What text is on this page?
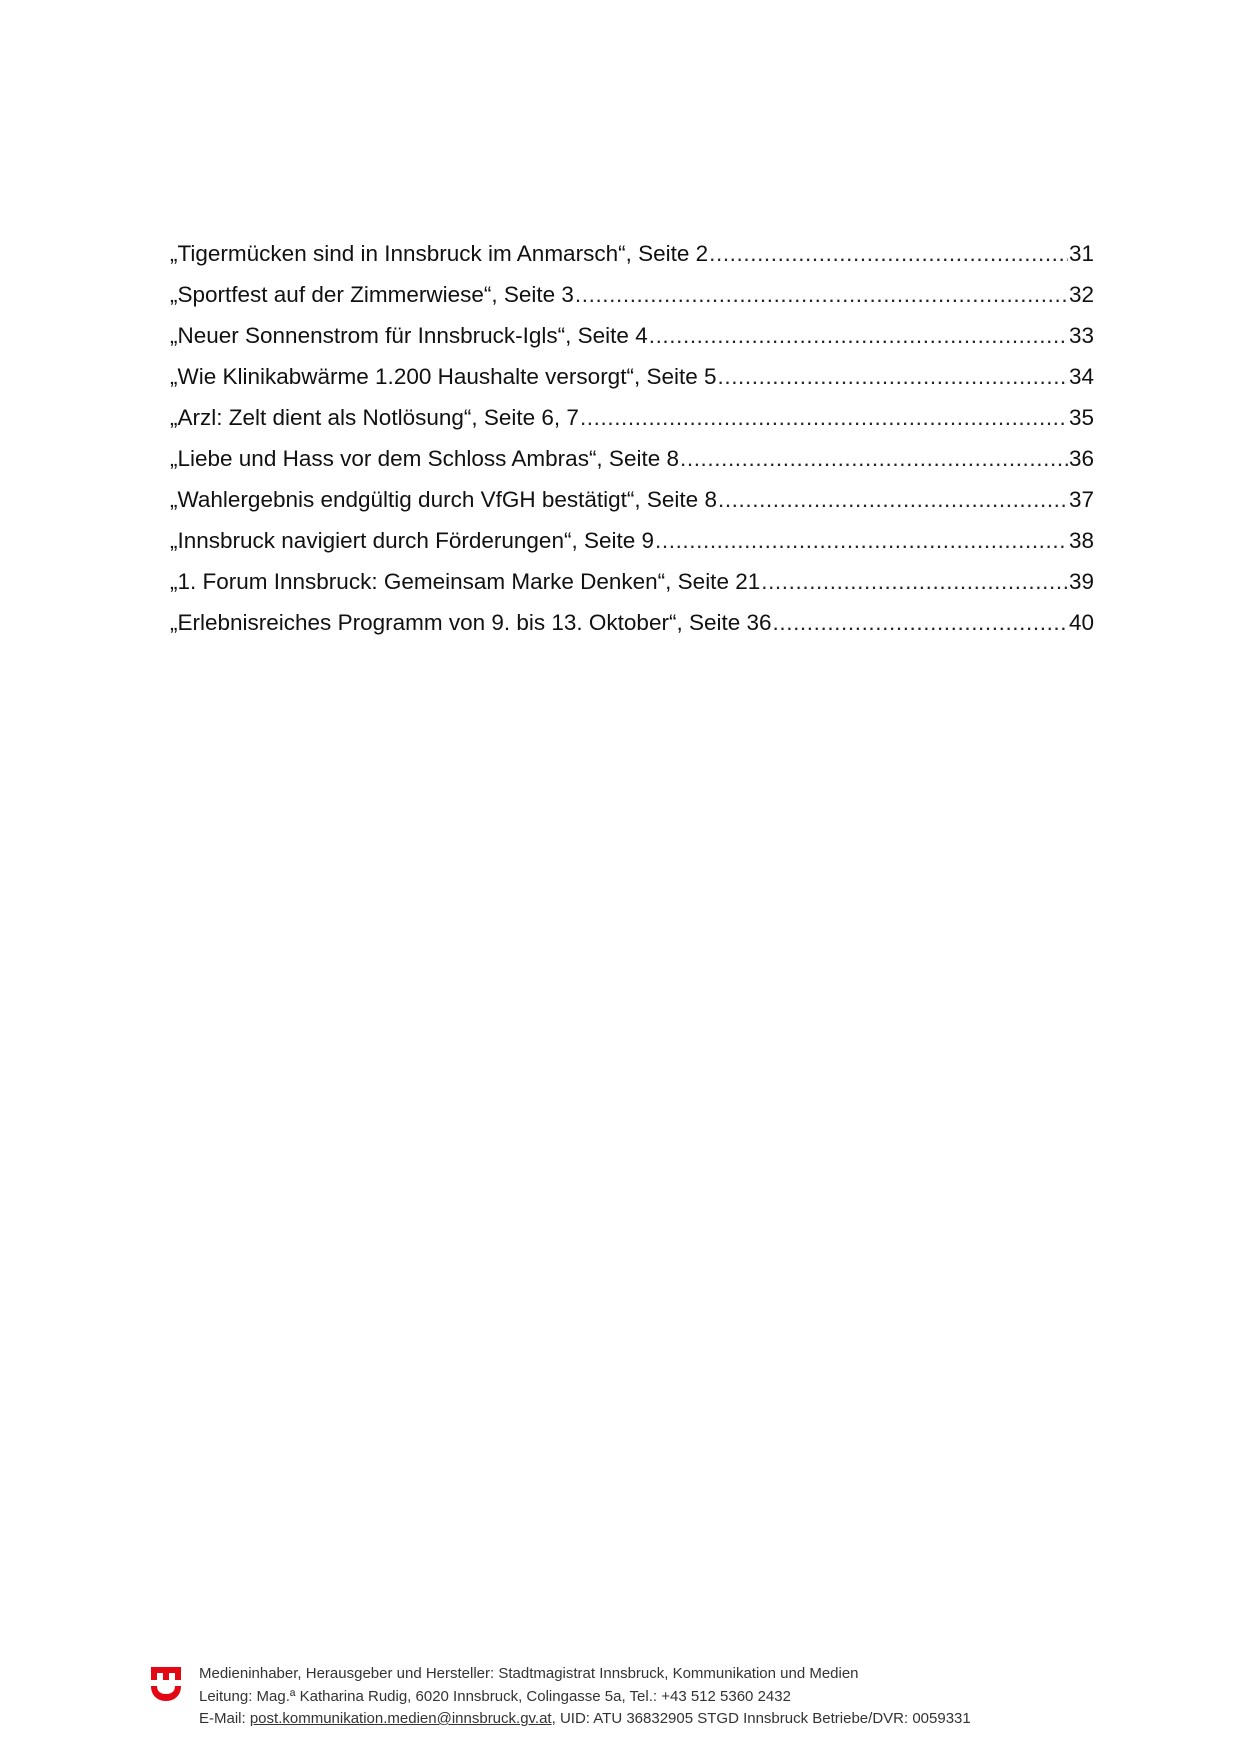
„Tigermücken sind in Innsbruck im Anmarsch“, Seite 2 .....	31
„Sportfest auf der Zimmerwiese“, Seite 3 .....	32
„Neuer Sonnenstrom für Innsbruck-Igls“, Seite 4 .....	33
„Wie Klinikabwärme 1.200 Haushalte versorgt“, Seite 5 .....	34
„Arzl: Zelt dient als Notlösung“, Seite 6, 7 .....	35
„Liebe und Hass vor dem Schloss Ambras“, Seite 8 .....	36
„Wahlergebnis endgültig durch VfGH bestätigt“, Seite 8 .....	37
„Innsbruck navigiert durch Förderungen“, Seite 9 .....	38
„1. Forum Innsbruck: Gemeinsam Marke Denken“, Seite 21 .....	39
„Erlebnisreiches Programm von 9. bis 13. Oktober“, Seite 36 .....	40
Medieninhaber, Herausgeber und Hersteller: Stadtmagistrat Innsbruck, Kommunikation und Medien
Leitung: Mag.ª Katharina Rudig, 6020 Innsbruck, Colingasse 5a, Tel.: +43 512 5360 2432
E-Mail: post.kommunikation.medien@innsbruck.gv.at, UID: ATU 36832905 STGD Innsbruck Betriebe/DVR: 0059331
